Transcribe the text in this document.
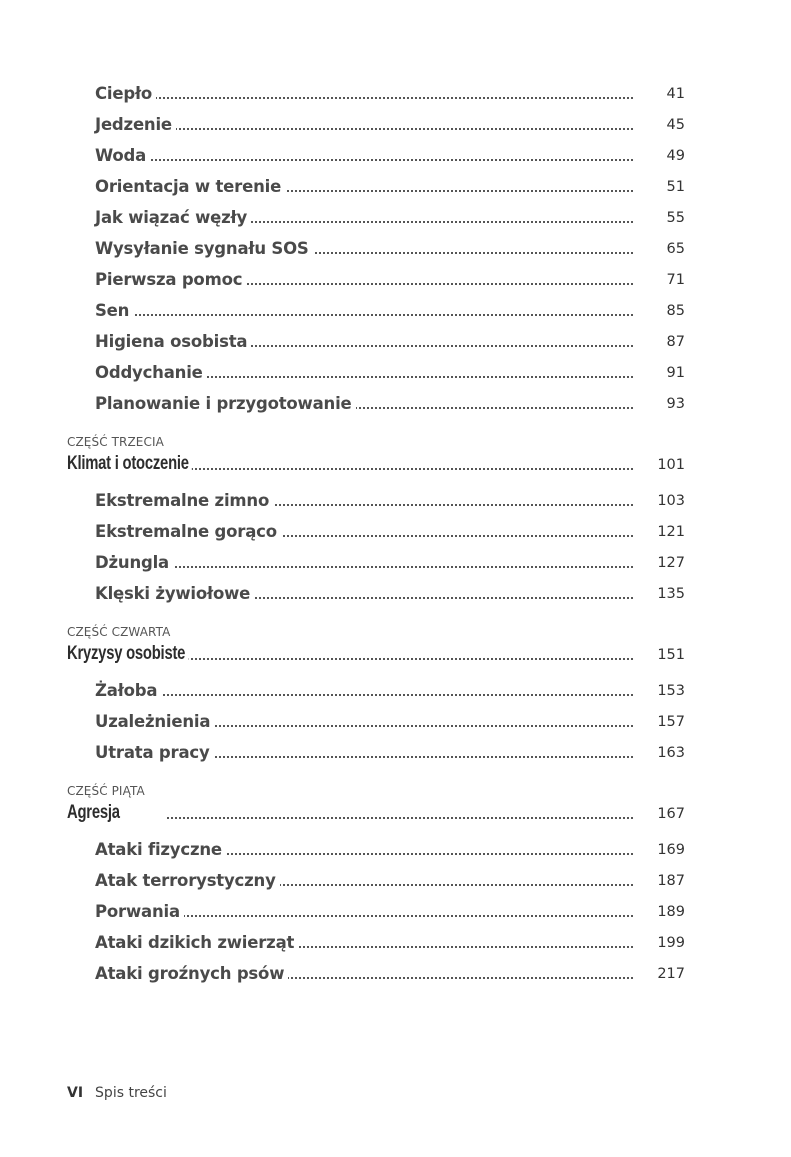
Ciepło	41
Jedzenie	45
Woda	49
Orientacja w terenie	51
Jak wiązać węzły	55
Wysyłanie sygnału SOS	65
Pierwsza pomoc	71
Sen	85
Higiena osobista	87
Oddychanie	91
Planowanie i przygotowanie	93
CZĘŚĆ TRZECIA
Klimat i otoczenie	101
Ekstremalne zimno	103
Ekstremalne gorąco	121
Dżungla	127
Klęski żywiołowe	135
CZĘŚĆ CZWARTA
Kryzysy osobiste	151
Żałoba	153
Uzależnienia	157
Utrata pracy	163
CZĘŚĆ PIĄTA
Agresja	167
Ataki fizyczne	169
Atak terrorystyczny	187
Porwania	189
Ataki dzikich zwierząt	199
Ataki groźnych psów	217
VI Spis treści
